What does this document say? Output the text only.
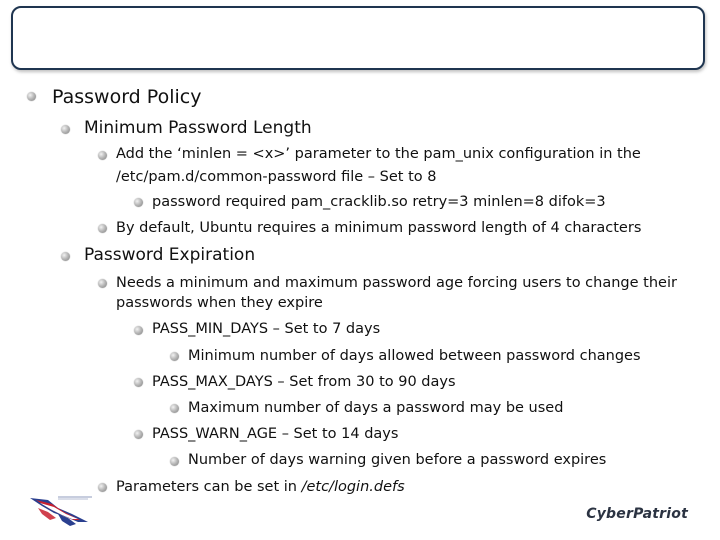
Password Policy
Minimum Password Length
Add the ‘minlen = <x>’ parameter to the pam_unix configuration in the
/etc/pam.d/common-password file – Set to 8
password required pam_cracklib.so retry=3 minlen=8 difok=3
By default, Ubuntu requires a minimum password length of 4 characters
Password Expiration
Needs a minimum and maximum password age forcing users to change their
passwords when they expire
PASS_MIN_DAYS – Set to 7 days
Minimum number of days allowed between password changes
PASS_MAX_DAYS – Set from 30 to 90 days
Maximum number of days a password may be used
PASS_WARN_AGE – Set to 14 days
Number of days warning given before a password expires
Parameters can be set in /etc/login.defs
CyberPatriot
